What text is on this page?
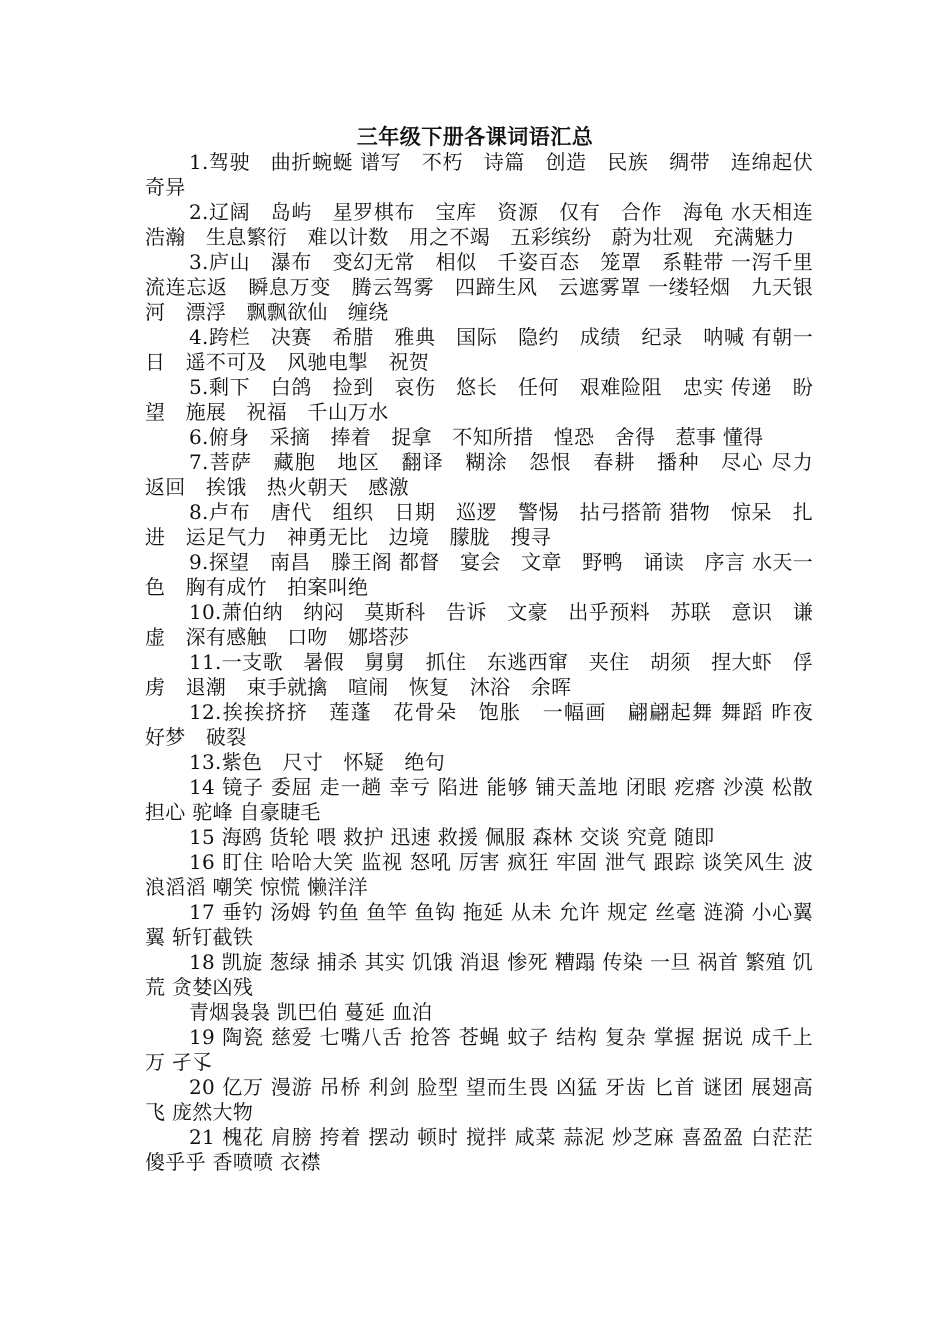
三年级下册各课词语汇总

1.驾驶　曲折蜿蜒 谱写　不朽　诗篇　创造　民族　绸带　连绵起伏　奇异

2.辽阔　岛屿　星罗棋布　宝库　资源　仅有　合作　海龟 水天相连　浩瀚　生息繁衍　难以计数　用之不竭　五彩缤纷　蔚为壮观　充满魅力

3.庐山　瀑布　变幻无常　相似　千姿百态　笼罩　系鞋带 一泻千里 流连忘返　瞬息万变　腾云驾雾　四蹄生风　云遮雾罩 一缕轻烟　九天银河　漂浮　飘飘欲仙　缠绕

4.跨栏　决赛　希腊　雅典　国际　隐约　成绩　纪录　呐喊 有朝一日　遥不可及　风驰电掣　祝贺

5.剩下　白鸽　捡到　哀伤　悠长　任何　艰难险阻　忠实 传递　盼望　施展　祝福　千山万水

6.俯身　采摘　捧着　捉拿　不知所措　惶恐　舍得　惹事 懂得

7.菩萨　藏胞　地区　翻译　糊涂　怨恨　春耕　播种　尽心 尽力　返回　挨饿　热火朝天　感激

8.卢布　唐代　组织　日期　巡逻　警惕　拈弓搭箭 猎物　惊呆　扎进　运足气力　神勇无比　边境　朦胧　搜寻

9.探望　南昌　滕王阁 都督　宴会　文章　野鸭　诵读　序言 水天一色　胸有成竹　拍案叫绝

10.萧伯纳　纳闷　莫斯科　告诉　文豪　出乎预料　苏联　意识　谦虚　深有感触　口吻　娜塔莎

11.一支歌　暑假　舅舅　抓住　东逃西窜　夹住　胡须　捏大虾　俘虏　退潮　束手就擒　喧闹　恢复　沐浴　余晖

12.挨挨挤挤　莲蓬　花骨朵　饱胀　一幅画　翩翩起舞 舞蹈 昨夜　好梦　破裂

13.紫色　尺寸　怀疑　绝句

14 镜子 委屈 走一趟 幸亏 陷进 能够 铺天盖地 闭眼 疙瘩 沙漠 松散 担心 驼峰 自豪睫毛

15 海鸥 货轮 喂 救护 迅速 救援 佩服 森林 交谈 究竟 随即

16 盯住 哈哈大笑 监视 怒吼 厉害 疯狂 牢固 泄气 跟踪 谈笑风生 波浪滔滔 嘲笑 惊慌 懒洋洋

17 垂钓 汤姆 钓鱼 鱼竿 鱼钩 拖延 从未 允许 规定 丝毫 涟漪 小心翼翼 斩钉截铁

18 凯旋 葱绿 捕杀 其实 饥饿 消退 惨死 糟蹋 传染 一旦 祸首 繁殖 饥荒 贪婪凶残

青烟袅袅 凯巴伯 蔓延 血泊

19 陶瓷 慈爱 七嘴八舌 抢答 苍蝇 蚊子 结构 复杂 掌握 据说 成千上万 孑孓

20 亿万 漫游 吊桥 利剑 脸型 望而生畏 凶猛 牙齿 匕首 谜团 展翅高飞 庞然大物

21 槐花 肩膀 挎着 摆动 顿时 搅拌 咸菜 蒜泥 炒芝麻 喜盈盈 白茫茫 傻乎乎 香喷喷 衣襟
